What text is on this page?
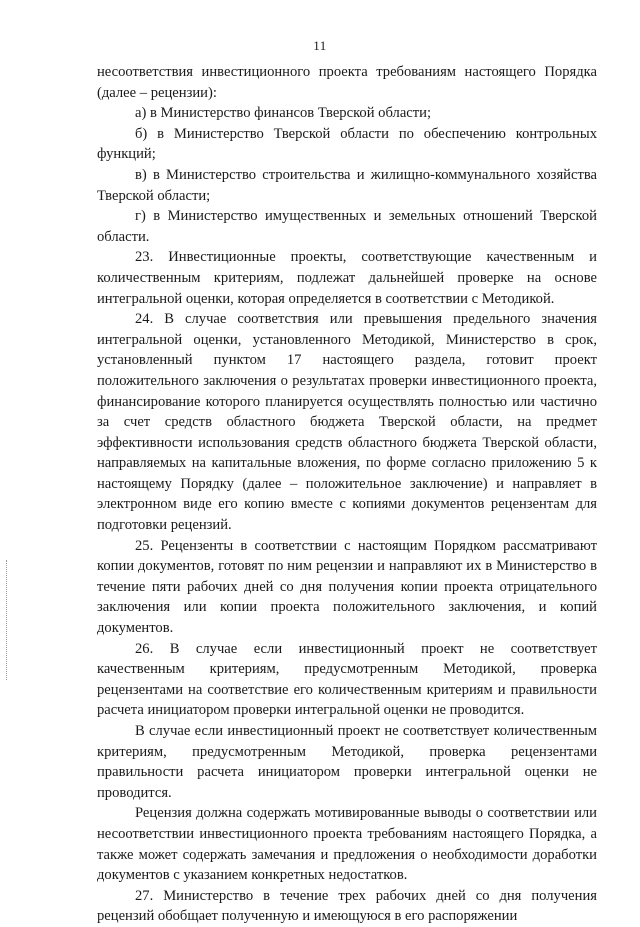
11

несоответствия инвестиционного проекта требованиям настоящего Порядка (далее – рецензии):

а) в Министерство финансов Тверской области;

б) в Министерство Тверской области по обеспечению контрольных функций;

в) в Министерство строительства и жилищно-коммунального хозяйства Тверской области;

г) в Министерство имущественных и земельных отношений Тверской области.

23. Инвестиционные проекты, соответствующие качественным и количественным критериям, подлежат дальнейшей проверке на основе интегральной оценки, которая определяется в соответствии с Методикой.

24. В случае соответствия или превышения предельного значения интегральной оценки, установленного Методикой, Министерство в срок, установленный пунктом 17 настоящего раздела, готовит проект положительного заключения о результатах проверки инвестиционного проекта, финансирование которого планируется осуществлять полностью или частично за счет средств областного бюджета Тверской области, на предмет эффективности использования средств областного бюджета Тверской области, направляемых на капитальные вложения, по форме согласно приложению 5 к настоящему Порядку (далее – положительное заключение) и направляет в электронном виде его копию вместе с копиями документов рецензентам для подготовки рецензий.

25. Рецензенты в соответствии с настоящим Порядком рассматривают копии документов, готовят по ним рецензии и направляют их в Министерство в течение пяти рабочих дней со дня получения копии проекта отрицательного заключения или копии проекта положительного заключения, и копий документов.

26. В случае если инвестиционный проект не соответствует качественным критериям, предусмотренным Методикой, проверка рецензентами на соответствие его количественным критериям и правильности расчета инициатором проверки интегральной оценки не проводится.

В случае если инвестиционный проект не соответствует количественным критериям, предусмотренным Методикой, проверка рецензентами правильности расчета инициатором проверки интегральной оценки не проводится.

Рецензия должна содержать мотивированные выводы о соответствии или несоответствии инвестиционного проекта требованиям настоящего Порядка, а также может содержать замечания и предложения о необходимости доработки документов с указанием конкретных недостатков.

27. Министерство в течение трех рабочих дней со дня получения рецензий обобщает полученную и имеющуюся в его распоряжении
